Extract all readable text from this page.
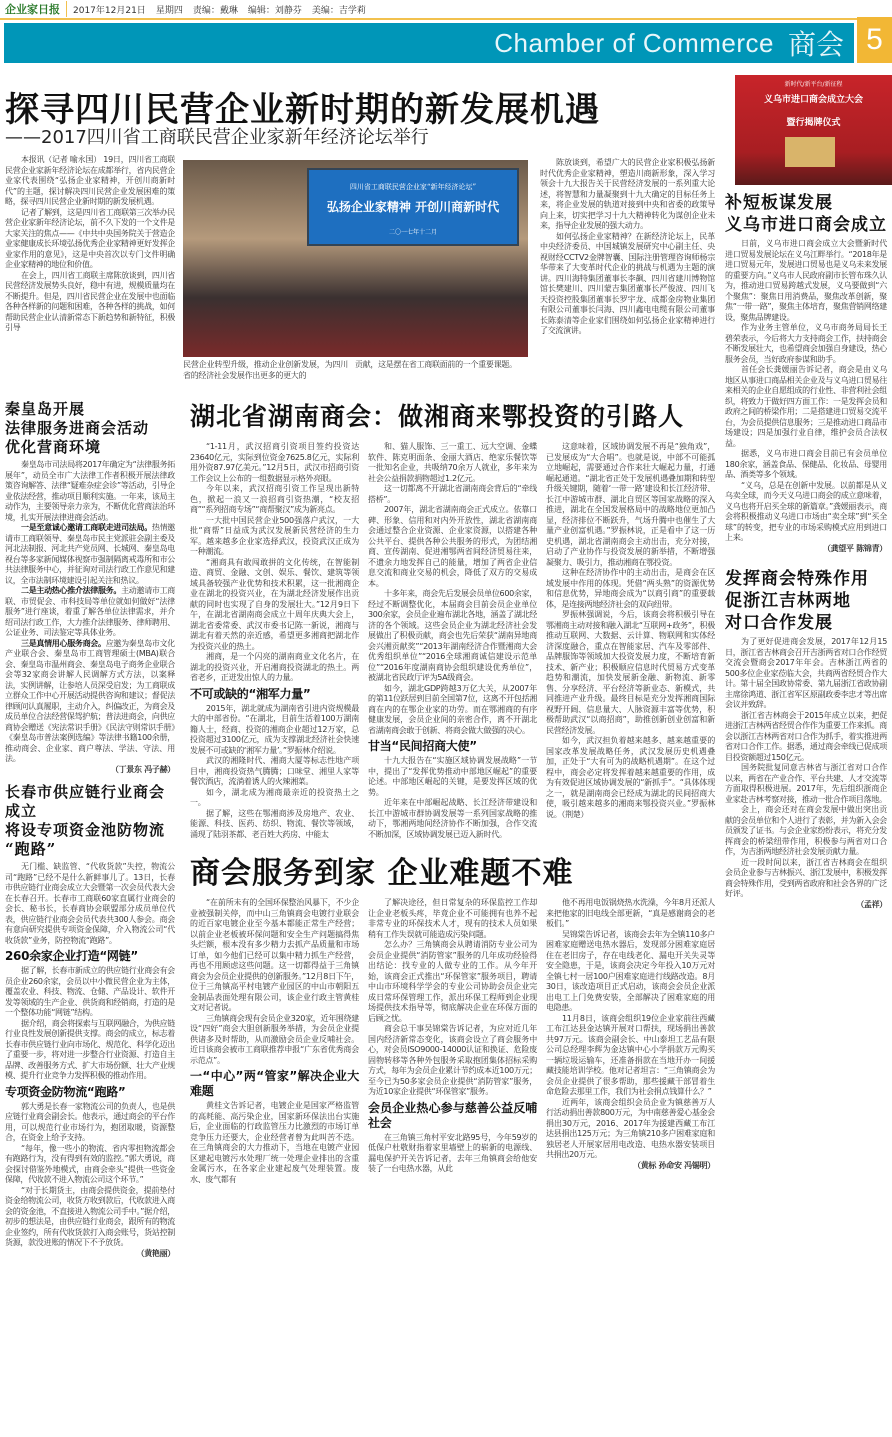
企业家日报	2017年12月21日 星期四 责编：戴琳 编辑：刘静芬 美编：吉学莉
Chamber of Commerce 商会 5
探寻四川民营企业新时期的新发展机遇
——2017四川省工商联民营企业家新年经济论坛举行

本报讯（记者 喻永国） 19日，四川省工商联民营企业家新年经济论坛在成都举行，省内民营企业家代表围绕“弘扬企业家精神，开创川商新时代”的主题，探讨解决四川民营企业发展困难的策略，探寻四川民营企业新时期的新发展机遇。

记者了解到，这是四川省工商联第三次举办民营企业家新年经济论坛，前不久下发的一个文件是大家关注的焦点——《中共中央国务院关于营造企业家健康成长环境弘扬优秀企业家精神更好发挥企业家作用的意见》，这是中央首次以专门文件明确企业家精神的地位和价值。

在会上，四川省工商联主席陈放谈到，四川省民营经济发展势头良好，稳中有进，规模质量均在不断提升。但是，四川省民营企业在发展中也面临各种各样新的问题和困难，各种各样的挑战，如何帮助民营企业认清新常态下新趋势和新特征，积极引导

四川省工商联民营企业家“新年经济论坛”
弘扬企业家精神 开创川商新时代
二〇一七年十二月

民营企业转型升级，推动企业创新发展，为四川省的经济社会发展作出更多的更大的

贡献，这是摆在省工商联面前的一个重要课题。

陈放谈到，希望广大的民营企业家积极弘扬新时代优秀企业家精神，塑造川商新形象，深入学习领会十九大报告关于民营经济发展的一系列重大论述，将智慧和力量凝聚到十九大确定的目标任务上来，将企业发展的轨道对接到中央和省委的政策导向上来，切实把学习十九大精神转化为谋创企业未来，指导企业发展的强大动力。

如何弘扬企业家精神？在新经济论坛上，民革中央经济委员、中国城镇发展研究中心副主任、央视财经CCTV2金牌智囊、国际注册管理咨询师杨宗华带来了大变革时代企业的挑战与机遇为主题的演讲。四川海特集团董事长李飙、四川省建川博物馆馆长樊建川、四川蒙吉集团董事长严俊波、四川飞天投资控股集团董事长罗宇龙、成都金房物业集团有限公司董事长闫海、四川鑫电电缆有限公司董事长陈泰清等企业家们围绕如何弘扬企业家精神进行了交流演讲。

新时代/新平台/新征程
义乌市进口商会成立大会
暨行揭牌仪式
补短板谋发展
义乌市进口商会成立

日前，义乌市进口商会成立大会暨新时代进口贸易发展论坛在义乌江畔举行。“2018年是进口贸易元年，发展进口贸易也是义乌未来发展的重要方向。”义乌市人民政府副市长管布珠久认为，推动进口贸易跨越式发展，义乌要做到“六个聚焦”：聚焦日用消费品，聚焦改革创新，聚焦“一带一路”，聚焦主体培育，聚焦营销网络建设，聚焦品牌建设。

作为业务主管单位，义乌市商务局局长王碧荣表示，今后将大力支持商会工作，扶持商会不断发展壮大，也希望商会加强自身建设，热心服务会员，当好政府参谋和助手。

首任会长龚媛丽告诉记者，商会是由义乌地区从事进口商品相关企业及与义乌进口贸易往来相关的企业自愿组成的行业性、非营利社会组织，将致力于做好四方面工作：一是发挥会员和政府之间的桥梁作用；二是搭建进口贸易交流平台，为会员提供信息服务；三是推动进口商品市场建设；四是加强行业自律，维护会员合法权益。

据悉，义乌市进口商会目前已有会员单位180余家，涵盖食品、保健品、化妆品、母婴用品、酒类等多个领域。

“义乌，总是在创新中发展。以前都是从义乌卖全球，而今天义乌进口商会的成立意味着，义乌也将开启买全球的新篇章。”龚媛丽表示，商会将积极推动义乌进口市场由“卖全球”到“买全球”的转变，把专业的市场采购模式应用到进口上来。

（龚望平 陈锦青）

发挥商会特殊作用
促浙江吉林两地
对口合作发展

为了更好促进商会发展，2017年12月15日，浙江省吉林商会召开吉浙两省对口合作经贸交流会暨商会2017年年会。吉林浙江两省的500多位企业家莅临大会，共商两省经贸合作大计。第十届全国政协常委、第九届浙江省政协副主席徐鸿道、浙江省军区原副政委李忠才等出席会议并致辞。

浙江省吉林商会于2015年成立以来，把促进浙江吉林两省经贸合作作为重要工作来抓。商会以浙江吉林两省对口合作为抓手，着实推进两省对口合作工作。据悉，通过商会牵线已促成项目投资额超过150亿元。

国务院批复同意吉林省与浙江省对口合作以来，两省在产业合作、平台共建、人才交流等方面取得积极进展。2017年，先后组织浙商企业家赴吉林考察对接，推动一批合作项目落地。

会上，商会还对在商会发展中做出突出贡献的会员单位和个人进行了表彰，并为新入会会员颁发了证书。与会企业家纷纷表示，将充分发挥商会的桥梁纽带作用，积极参与两省对口合作，为吉浙两地经济社会发展贡献力量。

近一段时间以来，浙江省吉林商会在组织会员企业参与吉林振兴、浙江发展中，积极发挥商会特殊作用，受到两省政府和社会各界的广泛好评。

（孟祥）

秦皇岛开展
法律服务进商会活动
优化营商环境

秦皇岛市司法局将2017年确定为“法律服务拓展年”，动员全市广大法律工作者积极开展法律政策咨询解答、法律“疑难杂症会诊”等活动，引导企业依法经营，推动项目顺利实施。一年来，该局主动作为，主要领导亲力亲为，不断优化营商法治环境，扎实开展法律进商会活动。

一是至意诚心邀请工商联走进司法局。热情邀请市工商联领导、秦皇岛市民主党派驻会副主委及河北法制报、河北共产党员网、长城网、秦皇岛电视台等多家新闻媒体视察市强制隔离戒毒所和市公共法律服务中心，并征询对司法行政工作意见和建议，全市法制环境建设引起关注和热议。

二是主动热心推介法律服务。主动邀请市工商联、市贸促会、市科技局等单位就如何做好“法律服务”进行座谈，着重了解各单位法律需求，并介绍司法行政工作，大力推介法律服务、律师聘用、公证业务、司法鉴定等具体业务。

三是真情用心服务商会。应邀为秦皇岛市文化产业联合会、秦皇岛市工商管理硕士(MBA)联合会、秦皇岛市温州商会、秦皇岛电子商务企业联合会等32家商会讲解人民调解方式方法，以案释法，实例讲解，让参培人员深受启发；为工商联成立群众工作中心开展活动提供咨询和建议；督促法律顾问认真履职，主动介入，纠偏改正，为商会及成员单位合法经营保驾护航；普法进商会，向供应商协会赠送《宪法常识手册》《民法守则常识手册》《秦皇岛市普法案例选编》等法律书籍100余册，推动商会、企业家、商户尊法、学法、守法、用法。

（丁景东 冯子赫）

长春市供应链行业商会成立
将设专项资金池防物流
“跑路”

无门槛、缺监管、“代收货款”失控，物流公司“跑路”已经不是什么新鲜事儿了。13日，长春市供应链行业商会成立大会暨第一次会员代表大会在长春召开。长春市工商联60家直属行业商会的会长、秘书长，长春商协会联盟部分成员单位代表，供应链行业商会会员代表共300人参会。商会有意向研究提供专项资金保障，介入物流公司“代收货款”业务，防控物流“跑路”。

260余家企业打造“网链”

据了解，长春市新成立的供应链行业商会有会员企业260余家，会员以中小微民营企业为主体，覆盖农业、科技、物流、仓储、产品设计、软件开发等领域的生产企业、供货商和经销商，打造的是一个整体功能“网链”结构。

据介绍，商会将探索与互联网融合，为供应链行业良性发展创新提供支撑。商会的成立，标志着长春市供应链行业向市场化、规范化、科学化迈出了重要一步，将对进一步整合行业资源、打造自主品牌、改善服务方式、扩大市场份额、壮大产业规模、提升行业竞争力发挥积极的推动作用。

专项资金防物流“跑路”

郭大勇是长春一家物流公司的负责人，也是供应链行业商会副会长。他表示，通过商会的平台作用，可以规范行业市场行为，抱团取暖，资源整合，在资金上给予支持。

“每年，像一些小的物流、省内零担物流都会有跑路行为，没有得到有效的监控。”郭大勇说，商会探讨借鉴外地模式，由商会牵头“提供一些资金保障，代收款不进入物流公司这个环节。”

“对于长期货主，由商会提供资金，提前垫付资金给物流公司，收货方收到款后，代收款进入商会的资金池，不直接进入物流公司手中。”据介绍，初步的想法是，由供应链行业商会，跟所有的物流企业签约，所有代收货款打入商会账号，货站控制货源，款没进账的情况下不予放货。

（黄艳丽）

湖北省湖南商会：做湘商来鄂投资的引路人

“1-11月，武汉招商引资项目签约投资达23640亿元，实际到位资金7625.8亿元，实际利用外资87.97亿美元。”12月5日，武汉市招商引资工作会议上公布的一组数据显示格外亮眼。

今年以来，武汉招商引资工作呈现出新特色，掀起一浪又一浪招商引资热潮，“校友招商”“系列招商专场”“商帮聚汉”成为新亮点。

一大批中国民营企业500强落户武汉，一大批“商帮”日益成为武汉发展新民营经济的生力军。越来越多企业家选择武汉，投资武汉正成为一种潮流。

“湘商具有敢闯敢拼的文化传统，在智能制造、商贸、金融、文创、娱乐、餐饮、建筑等领域具备较强产业优势和技术积累，这一批湘商企业在湖北的投资兴业，在为湖北经济发展作出贡献的同时也实现了自身的发展壮大。”12月9日下午，在湖北省湖南商会成立十周年庆典大会上，湖北省委常委、武汉市委书记陈一新说，湘商与湖北有着天然的亲近感，希望更多湘商把湖北作为投资兴业的热土。

湘商，是一个闪亮的湖南商业文化名片，在湖北的投资兴业，开启湘商投资湖北的热土。两省老乡，正迸发出惊人的力量。

不可或缺的“湘军力量”

2015年，湖北就成为湖南省引进内资规模最大的中部省份。“在湖北，目前生活着100万湖南籍人士，经商、投资的湘商企业超过12万家，总投资超过3100亿元，成为支撑湖北经济社会快速发展不可或缺的‘湘军力量’。”罗振林介绍说。

武汉的湘隆时代、湘商大厦等标志性地产项目中，湘商投资热气腾腾；口味堂、湘里人家等餐饮酒店，流淌着诱人的火辣湘菜。

如今，湖北成为湘商最亲近的投资热土之一。

据了解，这些在鄂湘商涉及房地产、农业、能源、科技、医药、纺织、物流、餐饮等领域，涌现了陆羽茶都、老百姓大药房、中能太

和、猫人服饰、三一重工、远大空调、金蝶软件、陈克明面条、金丽大酒店、绝家乐餐饮等一批知名企业，共吸纳70余万人就业，多年来为社会公益捐款捐物超过1.2亿元。

这一切都离不开湖北省湖南商会背后的“牵线搭桥”。

2007年，湖北省湖南商会正式成立。依靠口碑、形象、信用和对内外开放性，湖北省湖南商会通过整合企业资源、企业家资源，以搭建各种公共平台、提供各种公共服务的形式，为团结湘商、宣传湖南、促进湘鄂两省间经济贸易往来，不遗余力地发挥自己的能量，增加了两省企业信息交流和商业交易的机会，降低了双方的交易成本。

十多年来，商会先后发展会员单位600余家，经过不断调整优化，本届商会目前会员企业单位300余家，会员企业遍布湖北各地，涵盖了湖北经济的各个领域。这些会员企业为湖北经济社会发展做出了积极贡献，商会也先后荣获“湖南异地商会兴湘贡献奖”“2013年湖南经济合作暨湘商大会优秀组织单位”“2016全球湘商诚信建设示范单位”“2016年度湖南商协会组织建设优秀单位”，被湖北省民政厅评为5A级商会。

如今，湖北GDP跨越3万亿大关，从2007年的第11位跃居到目前全国第7位，这离不开包括湘商在内的在鄂企业家的功劳。而在鄂湘商的有序健康发展，会员企业间的亲密合作，离不开湖北省湖南商会敢于创新、将商会做大做强的决心。

甘当“民间招商大使”

十九大报告在“实施区域协调发展战略”一节中，提出了“发挥优势推动中部地区崛起”的重要论述。中部地区崛起的关键，是要发挥区域的优势。

近年来在中部崛起战略、长江经济带建设和长江中游城市群协调发展等一系列国家战略的推动下，鄂湘两地间经济协作不断加强，合作交流不断加深，区域协调发展已迈入新时代。

这意味着，区域协调发展不再是“独角戏”，已发展成为“大合唱”。也就是说，中部不可能孤立地崛起，需要通过合作来壮大崛起力量，打通崛起通道。“湖北省正处于发展机遇叠加期和转型升级关键期，随着‘一带一路’建设和长江经济带、长江中游城市群、湖北自贸区等国家战略的深入推进，湖北在全国发展格局中的战略地位更加凸显，经济排位不断跃升，气场升腾中也催生了大量产业创富机遇。”罗振林说，正是看中了这一历史机遇，湖北省湖南商会主动出击，充分对接，启动了产业协作与投资发展的新举措，不断增强凝聚力、吸引力，推动湘商在鄂投资。

这种在经济协作中的主动出击，是商会在区域发展中作用的体现。凭借“两头熟”的资源优势和信息优势，异地商会成为“以商引商”的重要载体，是连接两地经济社会的双向纽带。

罗振林强调说，今后，该商会将积极引导在鄂湘商主动对接和融入湖北“互联网+政务”，积极推动互联网、大数据、云计算、物联网和实体经济深度融合，重点在智能家居、汽车及零部件、品牌服饰等领域加大投资发展力度，不断培育新技术、新产业；积极顺应信息时代贸易方式变革趋势和潮流，加快发展新金融、新物流、新零售、分享经济、平台经济等新业态、新模式，共同推进产业升级。最终目标是充分发挥湘商国际视野开阔、信息量大、人脉资源丰富等优势，积极帮助武汉“以商招商”，助推创新创业创富和新民营经济发展。

如今，武汉担负着越来越多、越来越重要的国家改革发展战略任务，武汉发展历史机遇叠加，正处于“大有可为的战略机遇期”。在这个过程中，商会必定将发挥着越来越重要的作用，成为有效促进区域协调发展的“新抓手”。“具体体现之一，就是湖南商会已经成为湖北的民间招商大使，吸引越来越多的湘商来鄂投资兴业。”罗振林说。（荆楚）

商会服务到家 企业难题不难

“在前所未有的全国环保整治风暴下，不少企业被强制关停，而中山三角镇商会电镀行业联会的近百家电镀企业至今基本都能正常生产经营；以前企业老板被环保问题和安全生产问题搞得焦头烂额，根本没有多少精力去抓产品质量和市场订单，如今他们已经可以集中精力抓生产经营，再也不用顾虑这些问题。这一切都得益于三角镇商会为会员企业提供的创新服务。”12月8日下午，位于三角镇高平村电镀产业园区的中山市朝阳五金制品表面处理有限公司，该企业行政主管黄桂文对记者说。

三角镇商会现有会员企业320家，近年围绕建设“四好”商会大胆创新服务举措，为会员企业提供诸多及时帮助，从而激励会员企业反哺社会。近日该商会被市工商联推荐申报“广东省优秀商会示范点”。

一“中心”两“管家”解决企业大难题

黄桂文告诉记者，电镀企业是国家严格监管的高耗能、高污染企业，国家新环保法出台实施后，企业面临的行政监管压力比激烈的市场订单竞争压力还要大，企业经营者曾为此叫苦不迭。在三角镇商会的大力推动下，当地在电镀产业园区建起电镀污水处理厂统一处理企业排出的含重金属污水，在各家企业建起废气处理装置。废水、废气都有

了解决途径，但日常复杂的环保监控工作却让企业老板头疼，毕竟企业不可能拥有也养不起非常专业的环保技术人才，现有的技术人员如果稍有工作失误就可能造成污染问题。

怎么办？三角镇商会从聘请消防专业公司为会员企业提供“消防管家”服务的几年成功经验得出结论：找专业的人做专业的工作。从今年开始，该商会正式推出“环保管家”服务项目，聘请中山市环境科学学会的专业公司协助会员企业完成日常环保管理工作，派出环保工程师到企业现场提供技术指导等，彻底解决企业在环保方面的后顾之忧。

商会总干事吴锦棠告诉记者，为应对近几年国内经济新常态变化，该商会设立了商会服务中心，对会员ISO9000-14000认证和换证、危险废固物转移等各种外包服务采取抱团集体招标采购方式，每年为会员企业累计节约成本近100万元；至今已为50多家会员企业提供“消防管家”服务，为近10家企业提供“环保管家”服务。

会员企业热心参与慈善公益反哺社会

在三角镇三角村平安北路95号，今年59岁的低保户杜敬财指着家里墙壁上的崭新的电源线、漏电保护开关告诉记者，去年三角镇商会给他安装了一台电热水器，从此

他不再用电饭锅烧热水洗澡，今年8月还派人来把他家的旧电线全部更新，“真是感谢商会的老板们。”

吴锦棠告诉记者，该商会去年为全镇110多户困难家庭赠送电热水器后，发现部分困难家庭居住在老旧房子，存在电线老化、漏电开关失灵等安全隐患，于是，该商会决定今年投入10万元对全镇七村一居100户困难家庭进行线路改造。8月30日，该改造项目正式启动，该商会会员企业派出电工上门免费安装，全部解决了困难家庭的用电隐患。

11月8日，该商会组织19位企业家前往西藏工布江达县金达镇开展对口帮扶，现场捐出善款共97万元。该商会副会长、中山泰坦工艺品有限公司总经理李辉为金达镇中心小学捐款万元购买一辆垃圾运输车，还准备捐款在当地开办一间援藏技能培训学校。他对记者坦言：“三角镇商会为会员企业提供了很多帮助，那些援藏干部冒着生命危险去那里工作，我们为社会捐点钱算什么？”

近两年，该商会组织会员企业为镇慈善万人行活动捐出善款800万元，为中南慈善爱心基金会捐出30万元，2016、2017年为援建西藏工布江达县捐出125万元；为三角镇210多户困难家庭和独居老人开展家居用电改造、电热水器安装项目共捐出20万元。

（黄标 孙命安 冯锡明）
